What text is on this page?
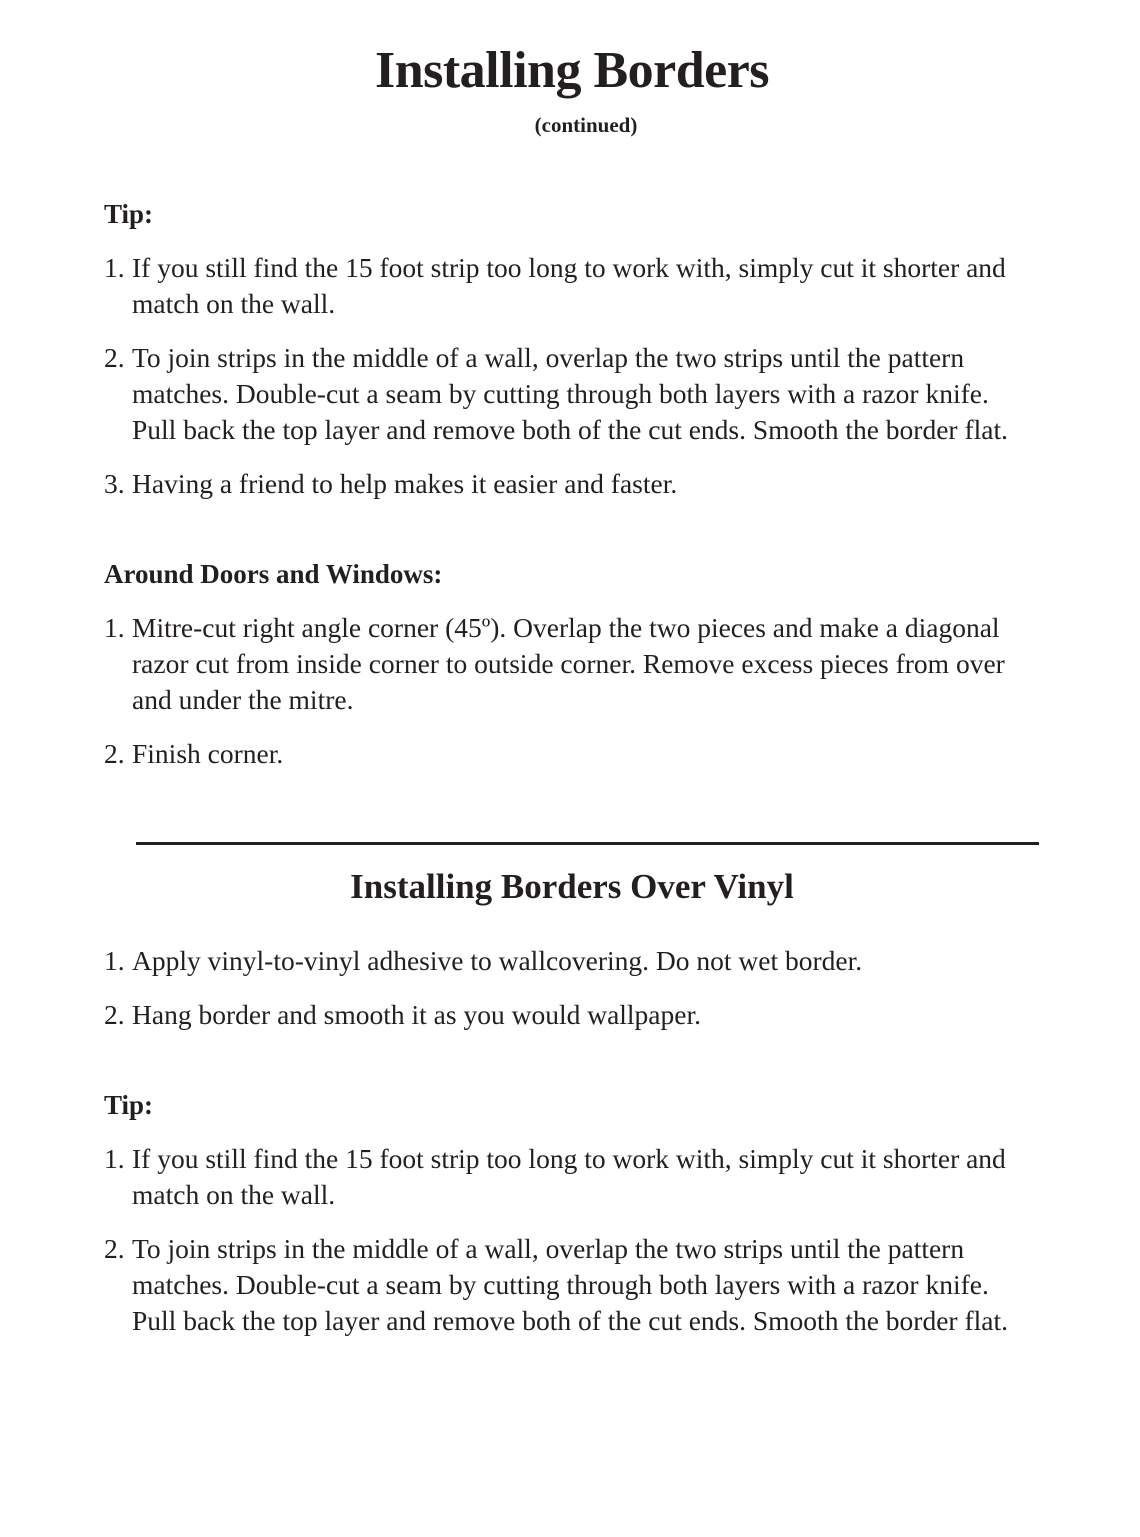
Installing Borders
(continued)
Tip:
1. If you still find the 15 foot strip too long to work with, simply cut it shorter and
match on the wall.
2. To join strips in the middle of a wall, overlap the two strips until the pattern
matches. Double-cut a seam by cutting through both layers with a razor knife.
Pull back the top layer and remove both of the cut ends. Smooth the border flat.
3. Having a friend to help makes it easier and faster.
Around Doors and Windows:
1. Mitre-cut right angle corner (45º). Overlap the two pieces and make a diagonal
razor cut from inside corner to outside corner. Remove excess pieces from over
and under the mitre.
2. Finish corner.
Installing Borders Over Vinyl
1. Apply vinyl-to-vinyl adhesive to wallcovering. Do not wet border.
2. Hang border and smooth it as you would wallpaper.
Tip:
1. If you still find the 15 foot strip too long to work with, simply cut it shorter and
match on the wall.
2. To join strips in the middle of a wall, overlap the two strips until the pattern
matches. Double-cut a seam by cutting through both layers with a razor knife.
Pull back the top layer and remove both of the cut ends. Smooth the border flat.
